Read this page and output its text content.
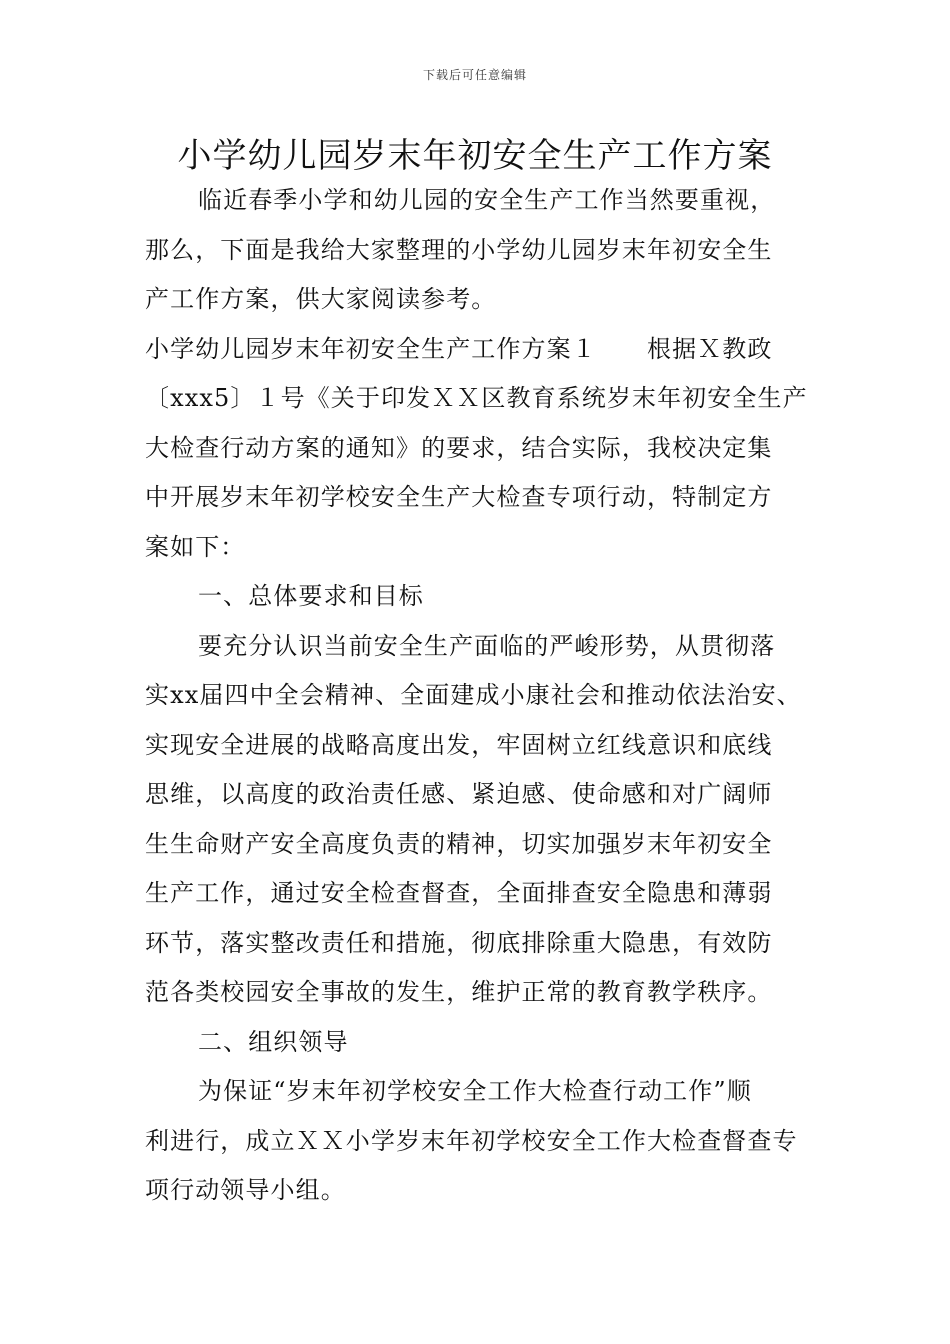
下载后可任意编辑
小学幼儿园岁末年初安全生产工作方案

临近春季小学和幼儿园的安全生产工作当然要重视，

那么，下面是我给大家整理的小学幼儿园岁末年初安全生

产工作方案，供大家阅读参考。

小学幼儿园岁末年初安全生产工作方案１　　根据Ｘ教政

〔xxx5〕１号《关于印发ＸＸ区教育系统岁末年初安全生产

大检查行动方案的通知》的要求，结合实际，我校决定集

中开展岁末年初学校安全生产大检查专项行动，特制定方

案如下：

一、总体要求和目标

要充分认识当前安全生产面临的严峻形势，从贯彻落

实xx届四中全会精神、全面建成小康社会和推动依法治安、

实现安全进展的战略高度出发，牢固树立红线意识和底线

思维，以高度的政治责任感、紧迫感、使命感和对广阔师

生生命财产安全高度负责的精神，切实加强岁末年初安全

生产工作，通过安全检查督查，全面排查安全隐患和薄弱

环节，落实整改责任和措施，彻底排除重大隐患，有效防

范各类校园安全事故的发生，维护正常的教育教学秩序。

二、组织领导

为保证“岁末年初学校安全工作大检查行动工作”顺

利进行，成立ＸＸ小学岁末年初学校安全工作大检查督查专

项行动领导小组。
